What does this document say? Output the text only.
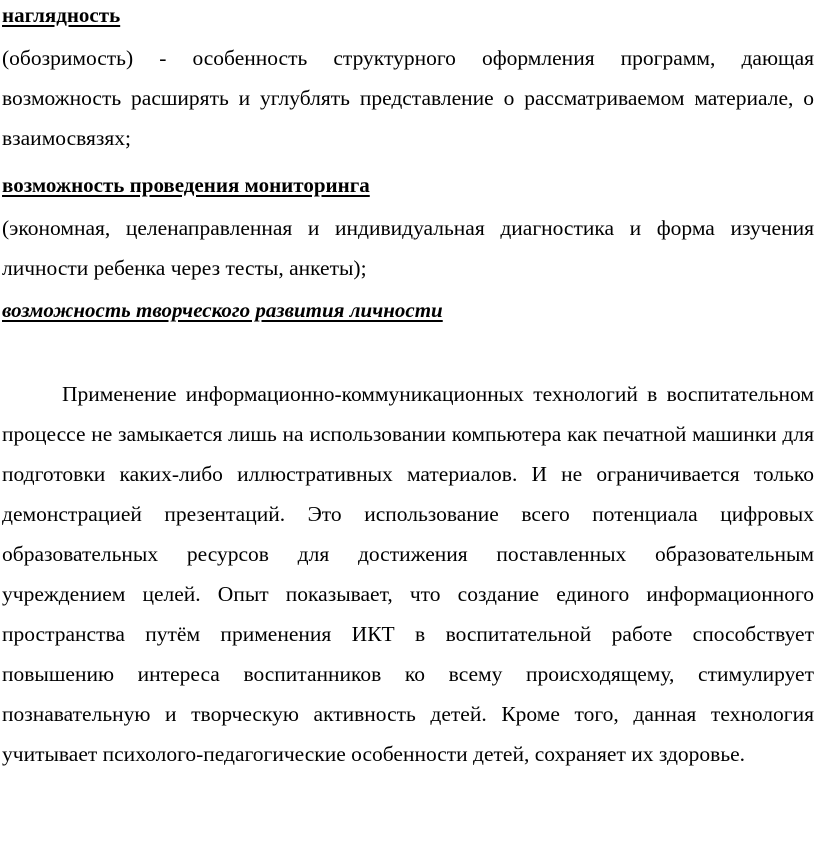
наглядность
(обозримость) - особенность структурного оформления программ, дающая возможность расширять и углублять представление о рассматриваемом материале, о взаимосвязях;
возможность проведения мониторинга
(экономная, целенаправленная и индивидуальная диагностика и форма изучения личности ребенка через тесты, анкеты);
возможность творческого развития личности
Применение информационно-коммуникационных технологий в воспитательном процессе не замыкается лишь на использовании компьютера как печатной машинки для подготовки каких-либо иллюстративных материалов. И не ограничивается только демонстрацией презентаций. Это использование всего потенциала цифровых образовательных ресурсов для достижения поставленных образовательным учреждением целей. Опыт показывает, что создание единого информационного пространства путём применения ИКТ в воспитательной работе способствует повышению интереса воспитанников ко всему происходящему, стимулирует познавательную и творческую активность детей. Кроме того, данная технология учитывает психолого-педагогические особенности детей, сохраняет их здоровье.
